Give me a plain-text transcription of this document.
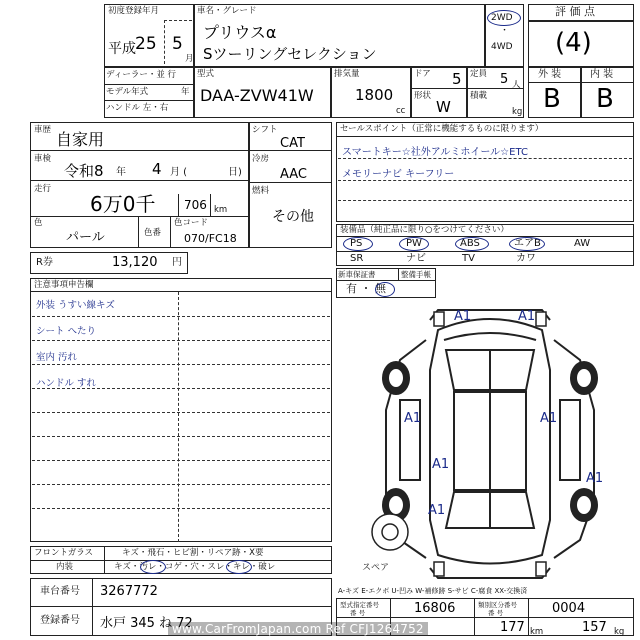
初度登録年月
平成 25 5
月
車名・グレード
プリウスα
Sツーリングセレクション
2WD
・
4WD
ディーラー・並 行
モデル年式	年
ハンドル 左・右
型式
DAA-ZVW41W
排気量
1800
cc
ドア 5
形状
W
定員 5 人
積載
kg
評 価 点
(4)
外 装	内 装
B B
車歴 自家用
車検
令和8 年 4 月 (	日)
走行
6万0千 706 km
色
パール	色番
色コード
070/FC18
シフト
CAT
冷房
AAC
燃料
その他
R券	13,120 円
セールスポイント（正常に機能するものに限ります）
スマートキー☆社外アルミホイール☆ETC
メモリーナビ キーフリー
装備品（純正品に限り○をつけてください）
PS	PW	ABS	エアB	AW
SR	ナビ	TV	カワ
新車保証書	整備手帳
有 ・ 無
注意事項申告欄
外装 うすい線キズ
シート へたり
室内 汚れ
ハンドル すれ
フロントガラス	キズ・飛石・ヒビ割・リペア跡・X要
内装	キズ・汚レ・コゲ・穴・スレ・キレ・破レ
車台番号 3267772
登録番号 水戸 345 ね 72
A-キズ E-エクボ U-凹み W-補修跡 S-サビ C-腐食 XX-交換済
型式指定番号
番 号	16806	類別区分番号
番 号	0004
177 km	157 kg
A1	A1
A1	A1
A1
A1
A1
スペア
www.CarFromJapan.com Ref CFJ1264752
